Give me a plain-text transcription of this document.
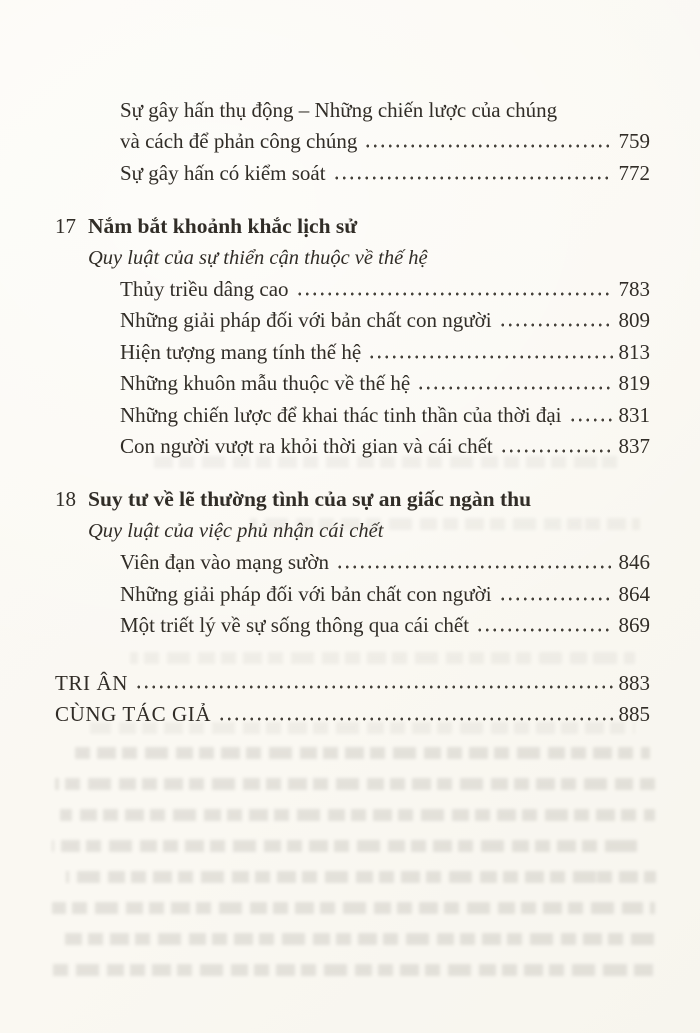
Sự gây hấn thụ động – Những chiến lược của chúng
và cách để phản công chúng	759
Sự gây hấn có kiểm soát	772
17 Nắm bắt khoảnh khắc lịch sử
Quy luật của sự thiển cận thuộc về thế hệ
Thủy triều dâng cao	783
Những giải pháp đối với bản chất con người	809
Hiện tượng mang tính thế hệ	813
Những khuôn mẫu thuộc về thế hệ	819
Những chiến lược để khai thác tinh thần của thời đại	831
Con người vượt ra khỏi thời gian và cái chết	837
18 Suy tư về lẽ thường tình của sự an giấc ngàn thu
Quy luật của việc phủ nhận cái chết
Viên đạn vào mạng sườn	846
Những giải pháp đối với bản chất con người	864
Một triết lý về sự sống thông qua cái chết	869
TRI ÂN	883
CÙNG TÁC GIẢ	885
